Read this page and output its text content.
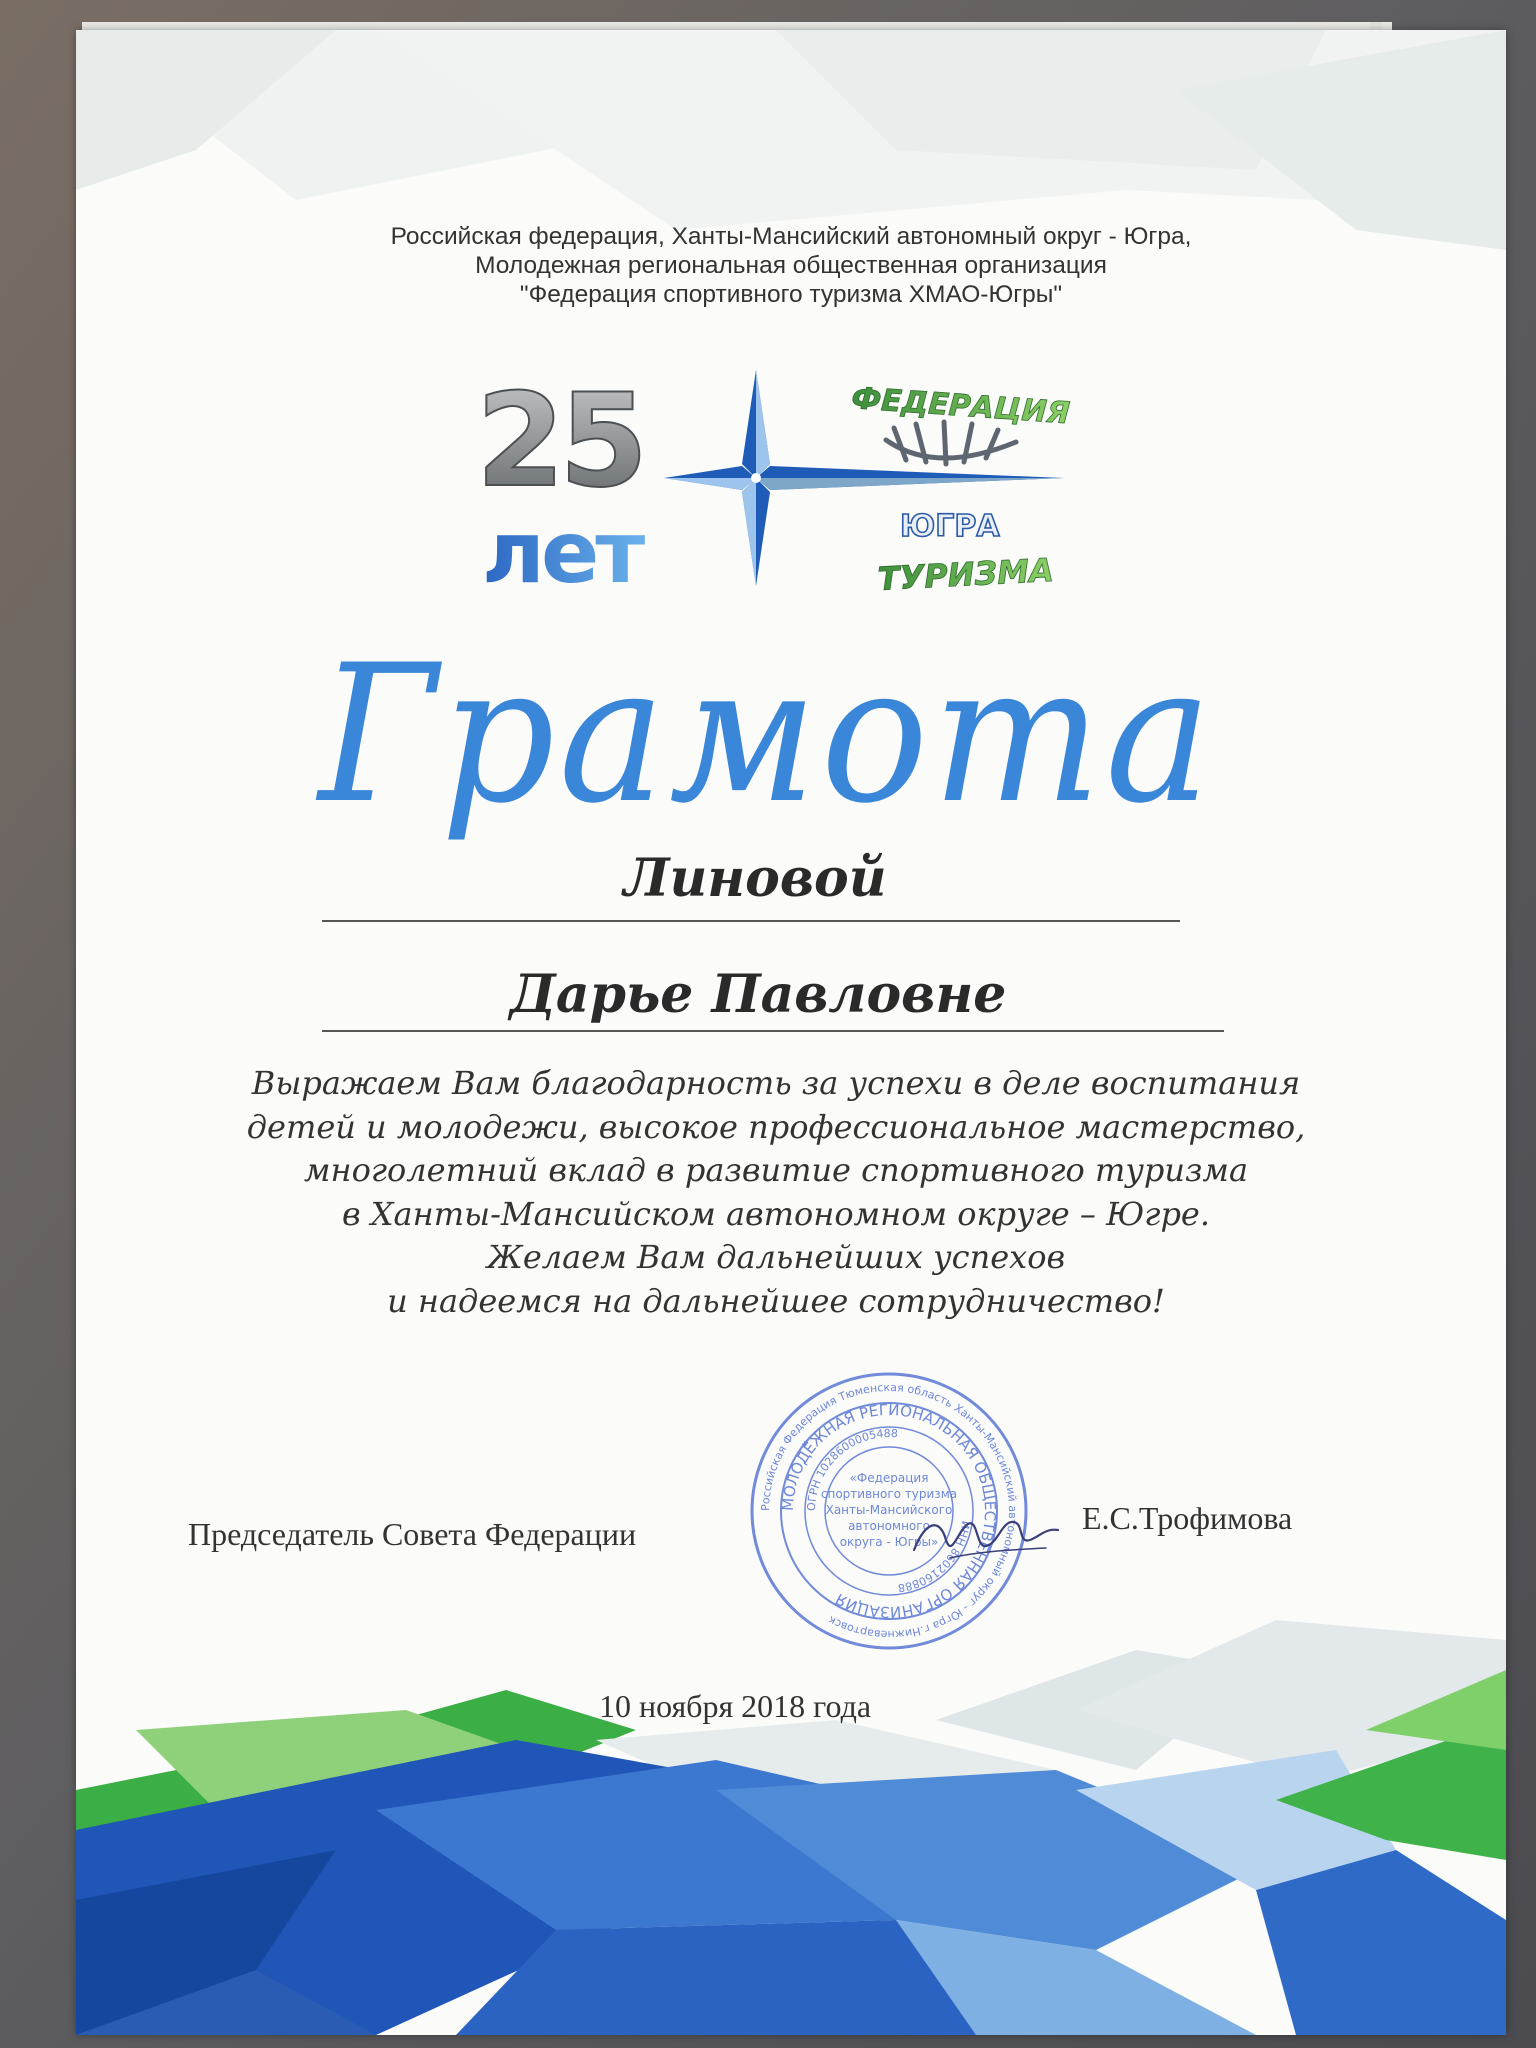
Российская федерация, Ханты-Мансийский автономный округ - Югра,
Молодежная региональная общественная организация
"Федерация спортивного туризма ХМАО-Югры"
25
лет
ФЕДЕРАЦИЯ
ЮГРА
ТУРИЗМА
Грамота
Линовой
Дарье Павловне
Выражаем Вам благодарность за успехи в деле воспитания
детей и молодежи, высокое профессиональное мастерство,
многолетний вклад в развитие спортивного туризма
в Ханты-Мансийском автономном округе – Югре.
Желаем Вам дальнейших успехов
и надеемся на дальнейшее сотрудничество!
Председатель Совета Федерации	Е.С.Трофимова
Российская Федерация Тюменская область Ханты-Мансийский автономный округ - Югра г.Нижневартовск
МОЛОДЁЖНАЯ РЕГИОНАЛЬНАЯ ОБЩЕСТВЕННАЯ ОРГАНИЗАЦИЯ
ОГРН 1028600005488
ИНН 8602160888
«Федерация
спортивного туризма
Ханты-Мансийского
автономного
округа - Югры»
10 ноября 2018 года
